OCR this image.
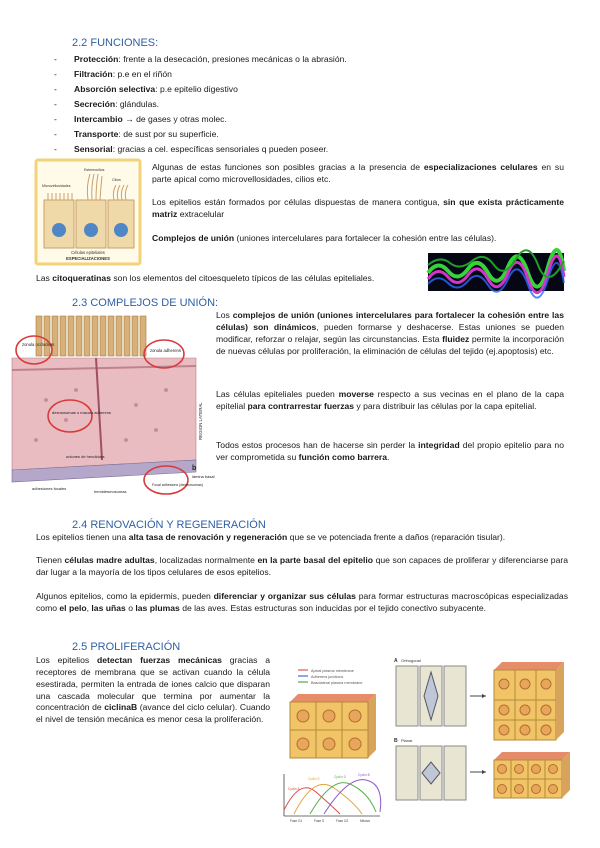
2.2 FUNCIONES:
- Protección: frente a la desecación, presiones mecánicas o la abrasión.
- Filtración: p.e en el riñón
- Absorción selectiva: p.e epitelio digestivo
- Secreción: glándulas.
- Intercambio → de gases y otras molec.
- Transporte: de sust por su superficie.
- Sensorial: gracias a cel. específicas sensoriales q pueden poseer.
Estereocilios
Microvellosidades
Cilios
Células epiteliales
ESPECIALIZACIONES

Algunas de estas funciones son posibles gracias a la presencia de especializaciones celulares en su parte apical como microvellosidades, cilios etc.

Los epitelios están formados por células dispuestas de manera contigua, sin que exista prácticamente matriz extracelular

Complejos de unión (uniones intercelulares para fortalecer la cohesión entre las células).

Las citoqueratinas son los elementos del citoesqueleto típicos de las células epiteliales.

2.3 COMPLEJOS DE UNIÓN:
REGION APICAL
zonula occludens
zonula adherens
desmosomas o macula adherens
uniones de hendidura
REGION LATERAL
b
lámina basal
adhesiones focales
hemidesmosomas
Focal adhesions (desmosomas)

Los complejos de unión (uniones intercelulares para fortalecer la cohesión entre las células) son dinámicos, pueden formarse y deshacerse. Estas uniones se pueden modificar, reforzar o relajar, según las circunstancias. Esta fluidez permite la incorporación de nuevas células por proliferación, la eliminación de células del tejido (ej.apoptosis) etc.

Las células epiteliales pueden moverse respecto a sus vecinas en el plano de la capa epitelial para contrarrestar fuerzas y para distribuir las células por la capa epitelial.

Todos estos procesos han de hacerse sin perder la integridad del propio epitelio para no ver comprometida su función como barrera.

2.4 RENOVACIÓN Y REGENERACIÓN

Los epitelios tienen una alta tasa de renovación y regeneración que se ve potenciada frente a daños (reparación tisular).

Tienen células madre adultas, localizadas normalmente en la parte basal del epitelio que son capaces de proliferar y diferenciarse para dar lugar a la mayoría de los tipos celulares de esos epitelios.

Algunos epitelios, como la epidermis, pueden diferenciar y organizar sus células para formar estructuras macroscópicas especializadas como el pelo, las uñas o las plumas de las aves. Estas estructuras son inducidas por el tejido conectivo subyacente.

2.5 PROLIFERACIÓN

Los epitelios detectan fuerzas mecánicas gracias a receptores de membrana que se activan cuando la célula esestirada, permiten la entrada de iones calcio que disparan una cascada molecular que termina por aumentar la concentración de ciclinaB (avance del ciclo celular). Cuando el nivel de tensión mecánica es menor cesa la proliferación.

Apical plasma membrane
Adherens junctions
Basolateral plasma membrane
A Orthogonal
B Planar
Cyclin A
Cyclin E	Cyclin D	Cyclin B
Fase G1	Fase S	Fase G2	Mitosis
